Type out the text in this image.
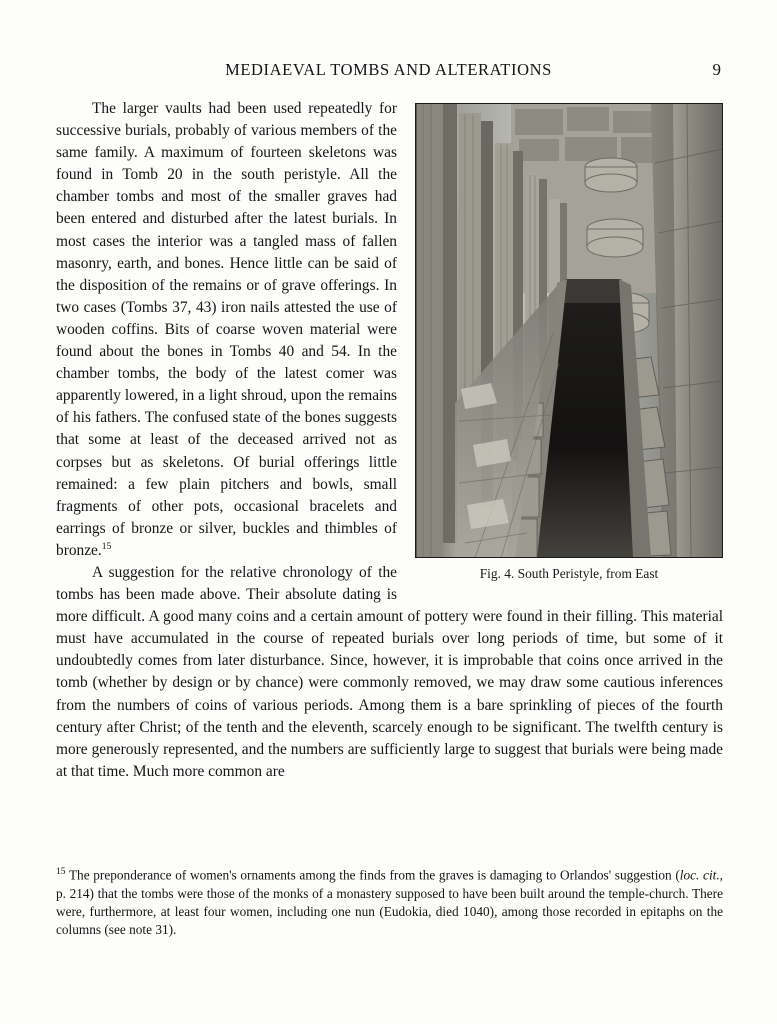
MEDIAEVAL TOMBS AND ALTERATIONS	9
Fig. 4. South Peristyle, from East

The larger vaults had been used repeatedly for successive burials, probably of various members of the same family. A maximum of fourteen skeletons was found in Tomb 20 in the south peristyle. All the chamber tombs and most of the smaller graves had been entered and disturbed after the latest burials. In most cases the interior was a tangled mass of fallen masonry, earth, and bones. Hence little can be said of the disposition of the remains or of grave offerings. In two cases (Tombs 37, 43) iron nails attested the use of wooden coffins. Bits of coarse woven material were found about the bones in Tombs 40 and 54. In the chamber tombs, the body of the latest comer was apparently lowered, in a light shroud, upon the remains of his fathers. The confused state of the bones suggests that some at least of the deceased arrived not as corpses but as skeletons. Of burial offerings little remained: a few plain pitchers and bowls, small fragments of other pots, occasional bracelets and earrings of bronze or silver, buckles and thimbles of bronze.$^{15}$

A suggestion for the relative chronology of the tombs has been made above. Their absolute dating is more difficult. A good many coins and a certain amount of pottery were found in their filling. This material must have accumulated in the course of repeated burials over long periods of time, but some of it undoubtedly comes from later disturbance. Since, however, it is improbable that coins once arrived in the tomb (whether by design or by chance) were commonly removed, we may draw some cautious inferences from the numbers of coins of various periods. Among them is a bare sprinkling of pieces of the fourth century after Christ; of the tenth and the eleventh, scarcely enough to be significant. The twelfth century is more generously represented, and the numbers are sufficiently large to suggest that burials were being made at that time. Much more common are

$^{15}$ The preponderance of women's ornaments among the finds from the graves is damaging to Orlandos' suggestion (loc. cit., p. 214) that the tombs were those of the monks of a monastery supposed to have been built around the temple-church. There were, furthermore, at least four women, including one nun (Eudokia, died 1040), among those recorded in epitaphs on the columns (see note 31).
